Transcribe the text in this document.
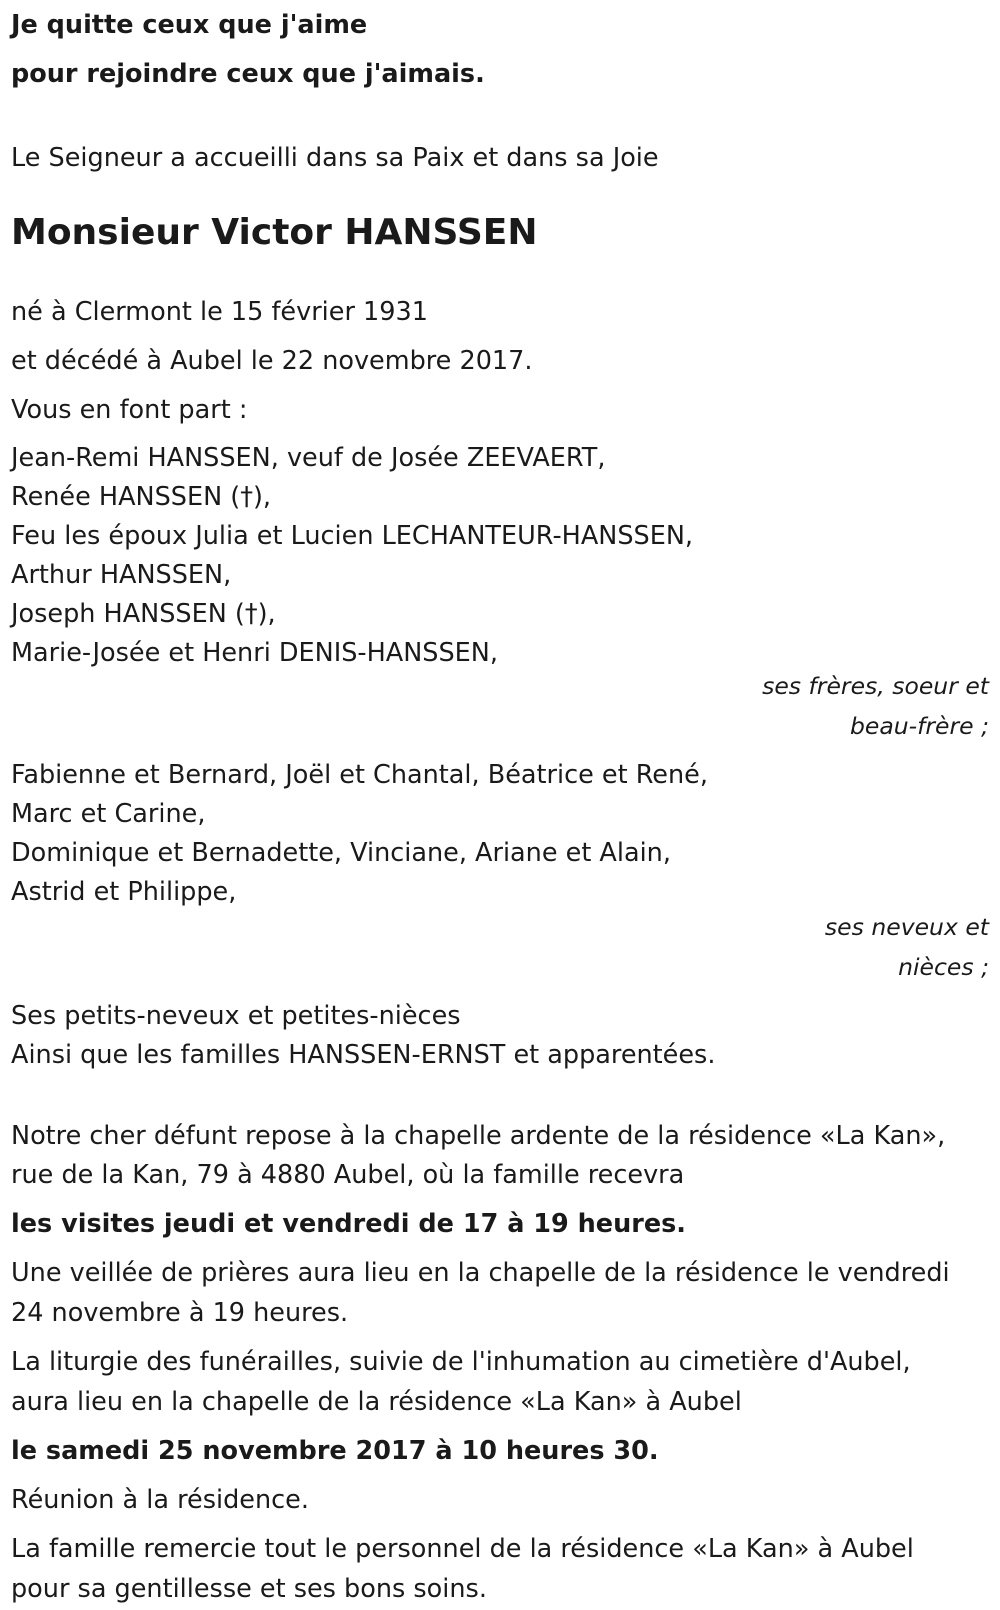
Je quitte ceux que j'aime

pour rejoindre ceux que j'aimais.

Le Seigneur a accueilli dans sa Paix et dans sa Joie

Monsieur Victor HANSSEN

né à Clermont le 15 février 1931

et décédé à Aubel le 22 novembre 2017.

Vous en font part :

Jean-Remi HANSSEN, veuf de Josée ZEEVAERT,

Renée HANSSEN (†),

Feu les époux Julia et Lucien LECHANTEUR-HANSSEN,

Arthur HANSSEN,

Joseph HANSSEN (†),

Marie-Josée et Henri DENIS-HANSSEN,

ses frères, soeur et

beau-frère ;

Fabienne et Bernard, Joël et Chantal, Béatrice et René,

Marc et Carine,

Dominique et Bernadette, Vinciane, Ariane et Alain,

Astrid et Philippe,

ses neveux et

nièces ;

Ses petits-neveux et petites-nièces

Ainsi que les familles HANSSEN-ERNST et apparentées.

Notre cher défunt repose à la chapelle ardente de la résidence «La Kan»,

rue de la Kan, 79 à 4880 Aubel, où la famille recevra

les visites jeudi et vendredi de 17 à 19 heures.

Une veillée de prières aura lieu en la chapelle de la résidence le vendredi

24 novembre à 19 heures.

La liturgie des funérailles, suivie de l'inhumation au cimetière d'Aubel,

aura lieu en la chapelle de la résidence «La Kan» à Aubel

le samedi 25 novembre 2017 à 10 heures 30.

Réunion à la résidence.

La famille remercie tout le personnel de la résidence «La Kan» à Aubel

pour sa gentillesse et ses bons soins.
